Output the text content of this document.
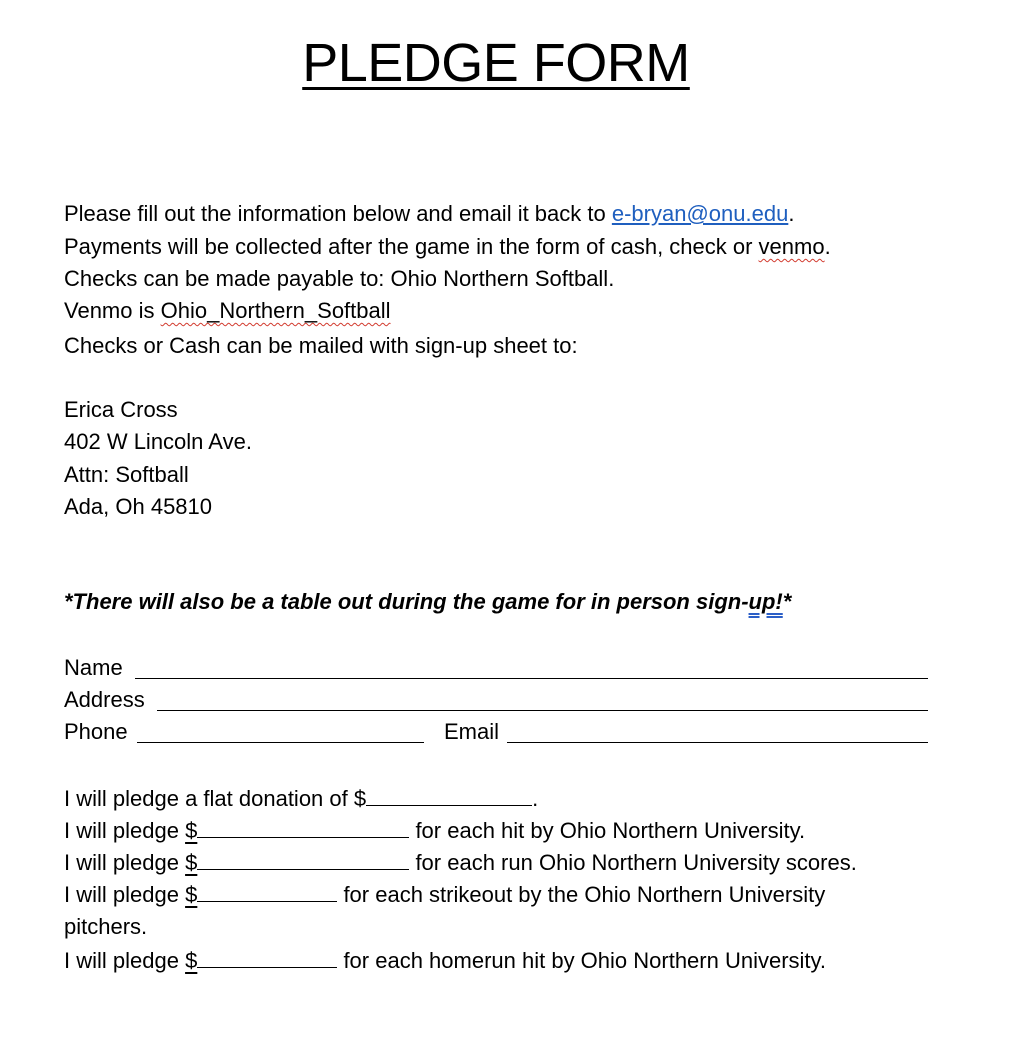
PLEDGE FORM
Please fill out the information below and email it back to e-bryan@onu.edu.
Payments will be collected after the game in the form of cash, check or venmo.
Checks can be made payable to: Ohio Northern Softball.
Venmo is Ohio_Northern_Softball
Checks or Cash can be mailed with sign-up sheet to:
Erica Cross
402 W Lincoln Ave.
Attn: Softball
Ada, Oh 45810
*There will also be a table out during the game for in person sign-up!*
Name
Address
Phone	Email
I will pledge a flat donation of $	.
I will pledge $	for each hit by Ohio Northern University.
I will pledge $	for each run Ohio Northern University scores.
I will pledge $	for each strikeout by the Ohio Northern University
pitchers.
I will pledge $	for each homerun hit by Ohio Northern University.
